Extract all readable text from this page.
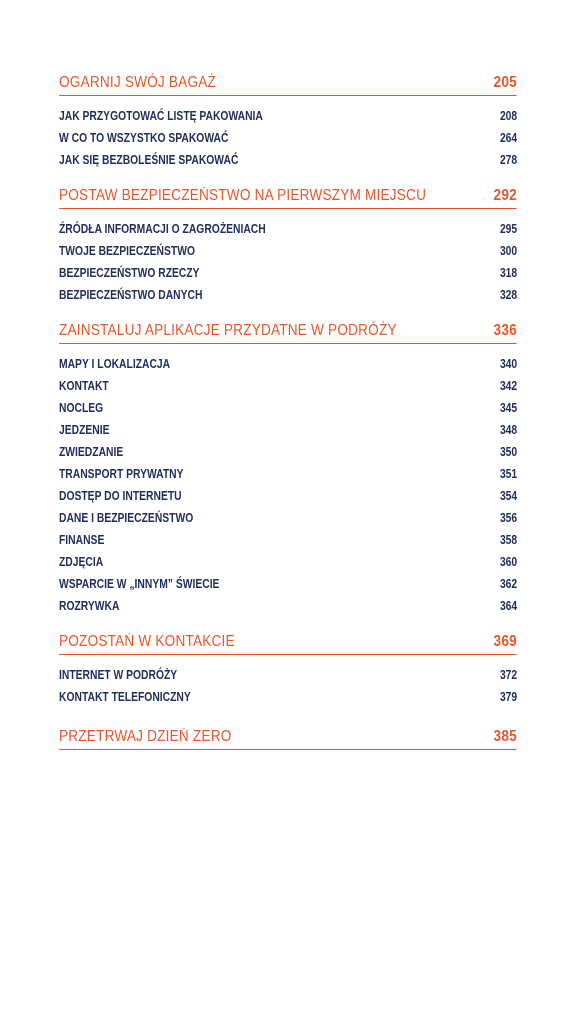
OGARNIJ SWÓJ BAGAŻ	205
JAK PRZYGOTOWAĆ LISTĘ PAKOWANIA	208
W CO TO WSZYSTKO SPAKOWAĆ	264
JAK SIĘ BEZBOLEŚNIE SPAKOWAĆ	278
POSTAW BEZPIECZEŃSTWO NA PIERWSZYM MIEJSCU	292
ŹRÓDŁA INFORMACJI O ZAGROŻENIACH	295
TWOJE BEZPIECZEŃSTWO	300
BEZPIECZEŃSTWO RZECZY	318
BEZPIECZEŃSTWO DANYCH	328
ZAINSTALUJ APLIKACJE PRZYDATNE W PODRÓŻY	336
MAPY I LOKALIZACJA	340
KONTAKT	342
NOCLEG	345
JEDZENIE	348
ZWIEDZANIE	350
TRANSPORT PRYWATNY	351
DOSTĘP DO INTERNETU	354
DANE I BEZPIECZEŃSTWO	356
FINANSE	358
ZDJĘCIA	360
WSPARCIE W „INNYM” ŚWIECIE	362
ROZRYWKA	364
POZOSTAŃ W KONTAKCIE	369
INTERNET W PODRÓŻY	372
KONTAKT TELEFONICZNY	379
PRZETRWAJ DZIEŃ ZERO	385
